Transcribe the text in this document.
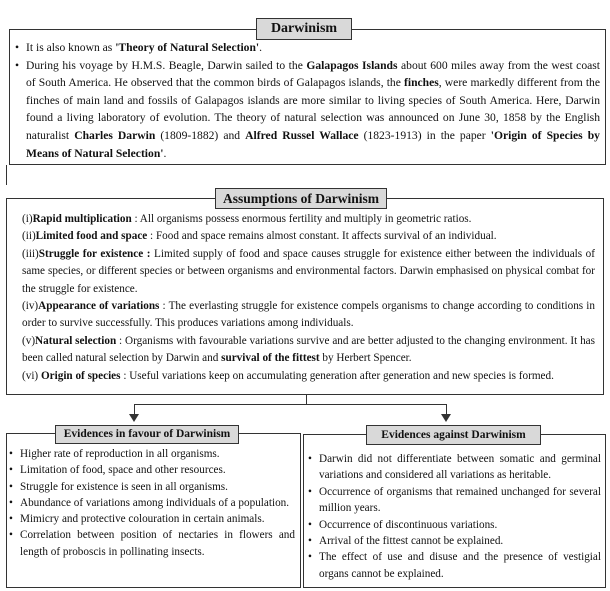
Darwinism
• It is also known as 'Theory of Natural Selection'.
• During his voyage by H.M.S. Beagle, Darwin sailed to the Galapagos Islands about 600 miles away from the west coast of South America. He observed that the common birds of Galapagos islands, the finches, were markedly different from the finches of main land and fossils of Galapagos islands are more similar to living species of South America. Here, Darwin found a living laboratory of evolution. The theory of natural selection was announced on June 30, 1858 by the English naturalist Charles Darwin (1809-1882) and Alfred Russel Wallace (1823-1913) in the paper 'Origin of Species by Means of Natural Selection'.
Assumptions of Darwinism

(i)Rapid multiplication : All organisms possess enormous fertility and multiply in geometric ratios.

(ii)Limited food and space : Food and space remains almost constant. It affects survival of an individual.

(iii)Struggle for existence : Limited supply of food and space causes struggle for existence either between the individuals of same species, or different species or between organisms and environmental factors. Darwin emphasised on physical combat for the struggle for existence.

(iv)Appearance of variations : The everlasting struggle for existence compels organisms to change according to conditions in order to survive successfully. This produces variations among individuals.

(v)Natural selection : Organisms with favourable variations survive and are better adjusted to the changing environment. It has been called natural selection by Darwin and survival of the fittest by Herbert Spencer.

(vi) Origin of species : Useful variations keep on accumulating generation after generation and new species is formed.

Evidences in favour of Darwinism
• Higher rate of reproduction in all organisms.
• Limitation of food, space and other resources.
• Struggle for existence is seen in all organisms.
• Abundance of variations among individuals of a population.
• Mimicry and protective colouration in certain animals.
• Correlation between position of nectaries in flowers and length of proboscis in pollinating insects.
Evidences against Darwinism
• Darwin did not differentiate between somatic and germinal variations and considered all variations as heritable.
• Occurrence of organisms that remained unchanged for several million years.
• Occurrence of discontinuous variations.
• Arrival of the fittest cannot be explained.
• The effect of use and disuse and the presence of vestigial organs cannot be explained.
